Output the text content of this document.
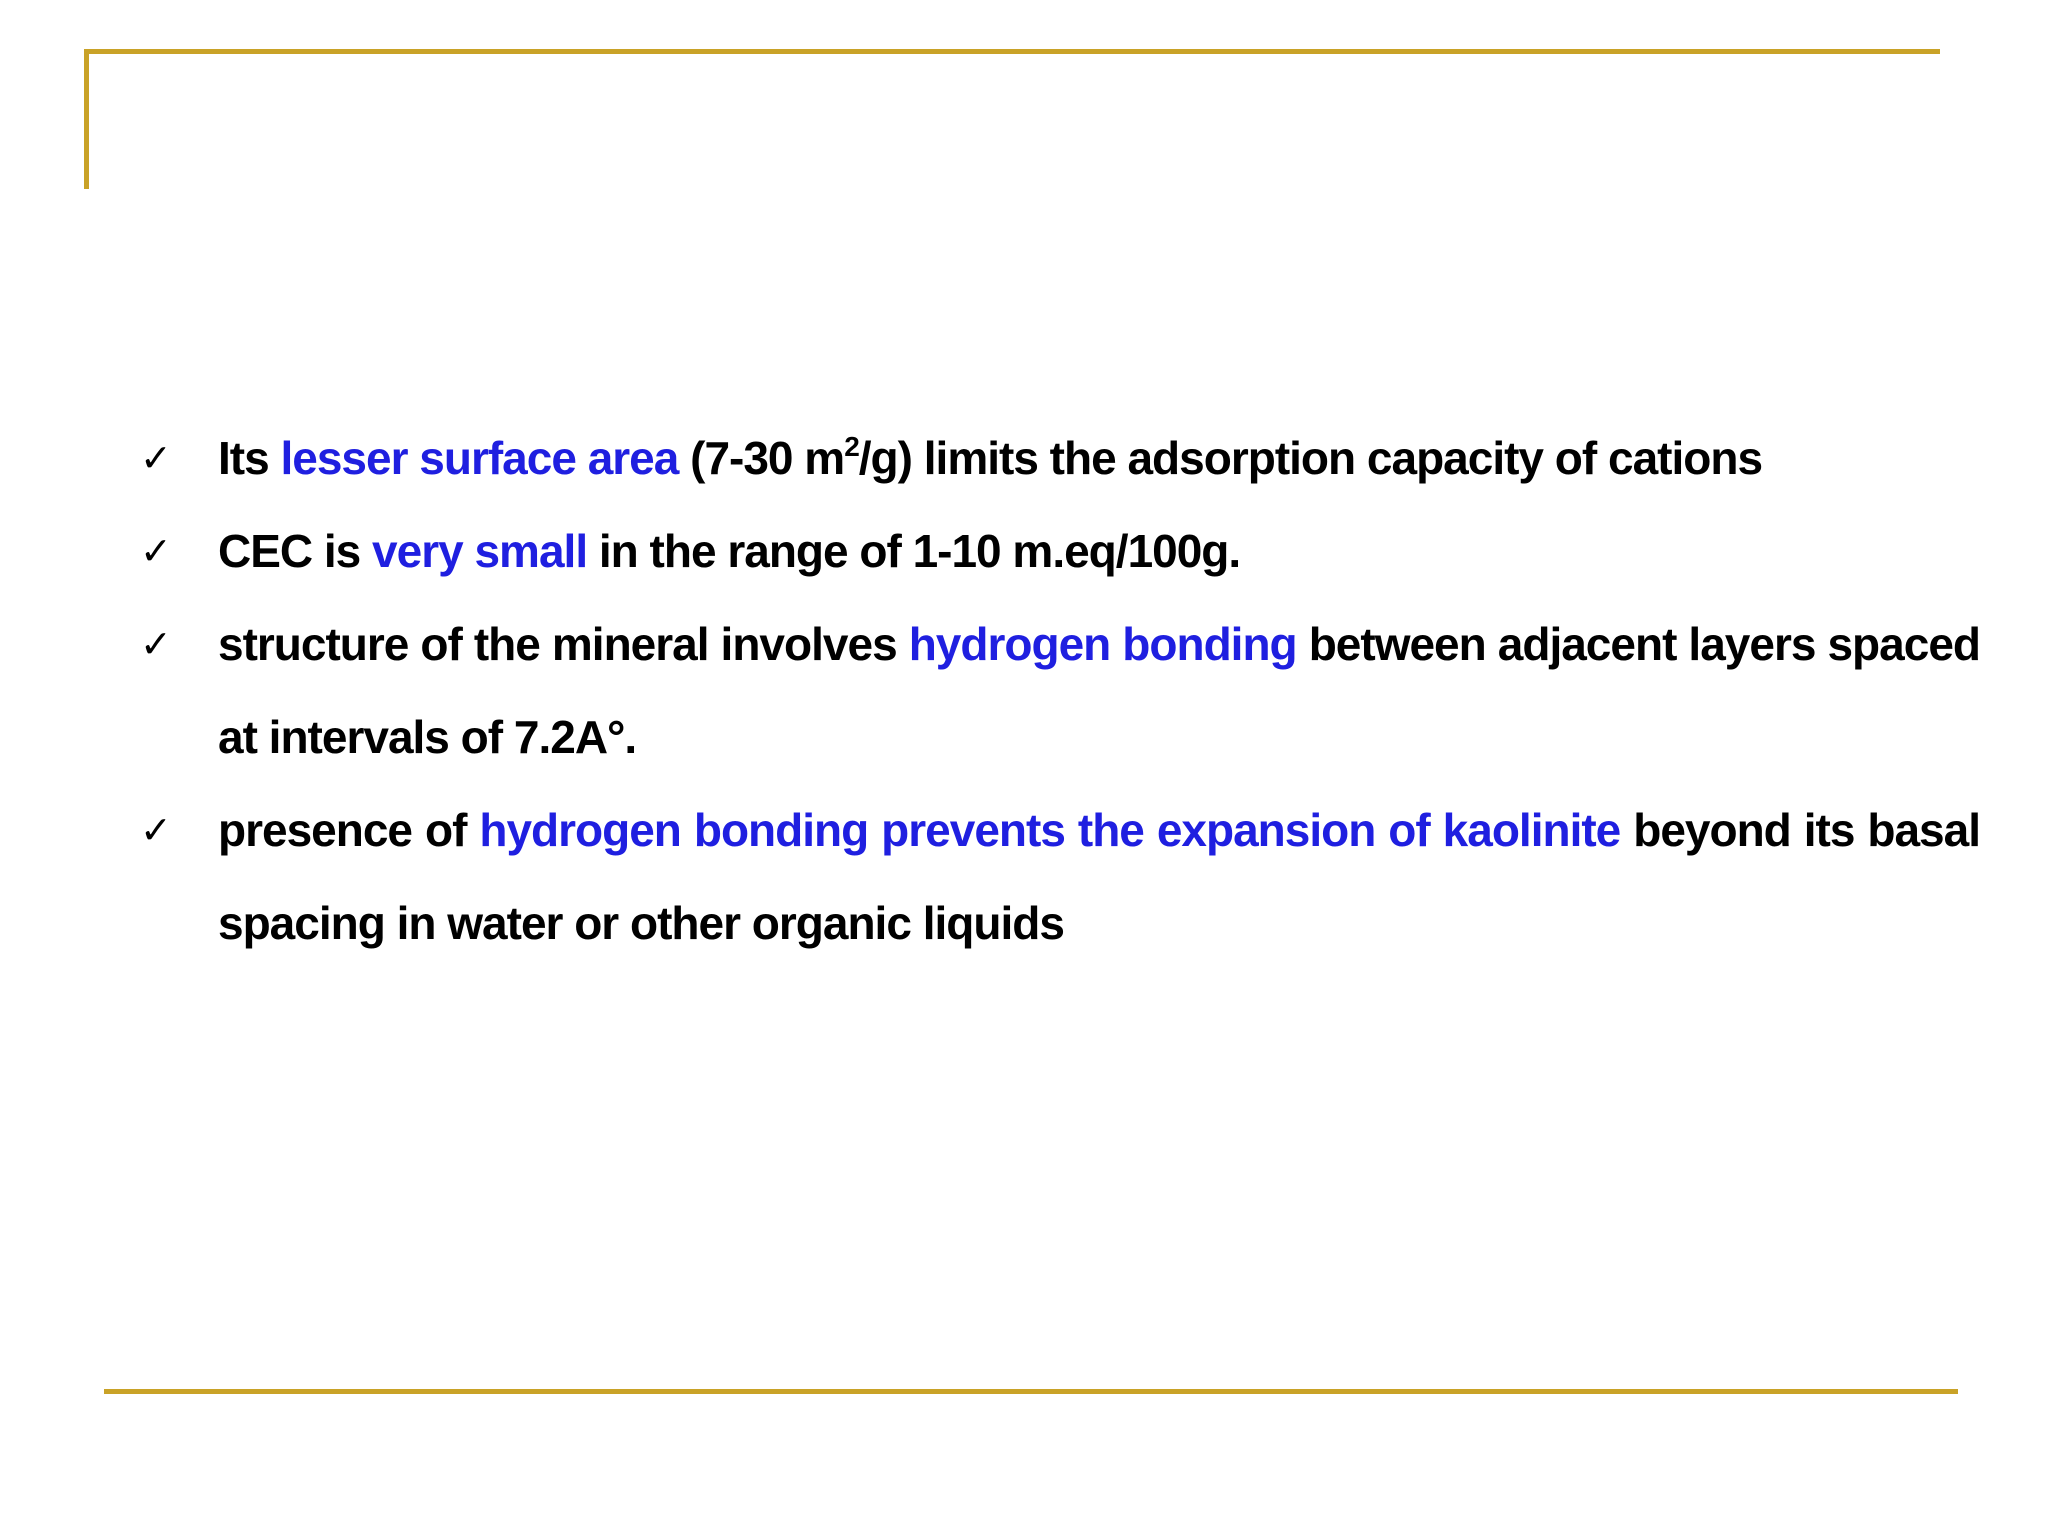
✓	Its lesser surface area (7-30 $m^2/g$) limits the adsorption capacity of cations
✓	CEC is very small in the range of 1-10 m.eq/100g.
✓	structure of the mineral involves hydrogen bonding between adjacent layers spaced at intervals of 7.2A°.
✓	presence of hydrogen bonding prevents the expansion of kaolinite beyond its basal spacing in water or other organic liquids
